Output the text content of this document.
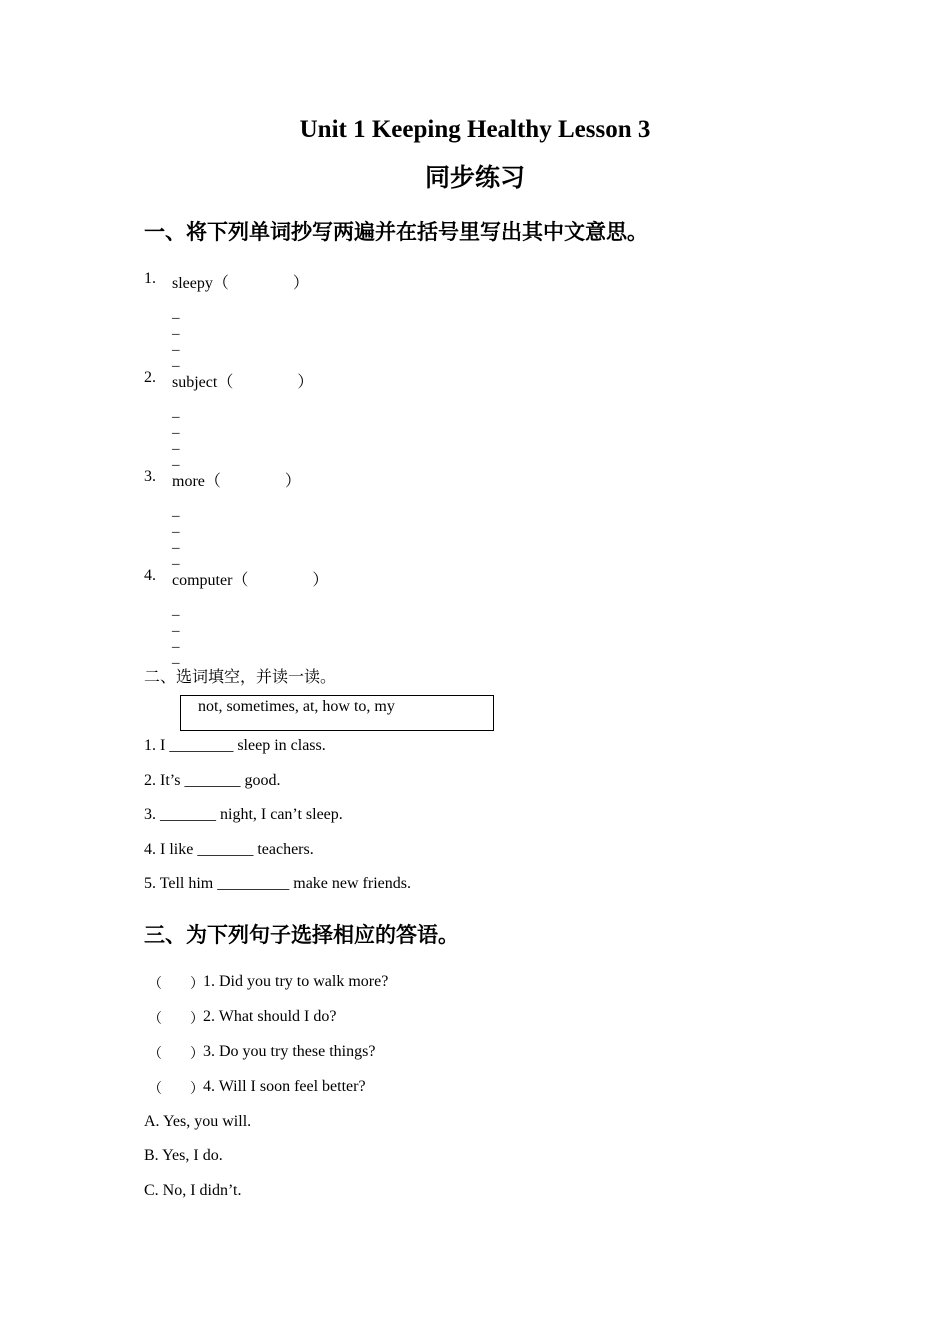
Unit 1 Keeping Healthy Lesson 3
同步练习
一、将下列单词抄写两遍并在括号里写出其中文意思。
1. sleepy（　　　　）
_
_
_
_
2. subject（　　　　）
_
_
_
_
3. more（　　　　）
_
_
_
_
4. computer（　　　　）
_
_
_
_
二、选词填空，并读一读。
not, sometimes, at, how to, my
1. I ________ sleep in class.
2. It’s _______ good.
3. _______ night, I can’t sleep.
4. I like _______ teachers.
5. Tell him _________ make new friends.
三、为下列句子选择相应的答语。
（　　） 1. Did you try to walk more?
（　　） 2. What should I do?
（　　） 3. Do you try these things?
（　　） 4. Will I soon feel better?
A. Yes, you will.
B. Yes, I do.
C. No, I didn’t.
